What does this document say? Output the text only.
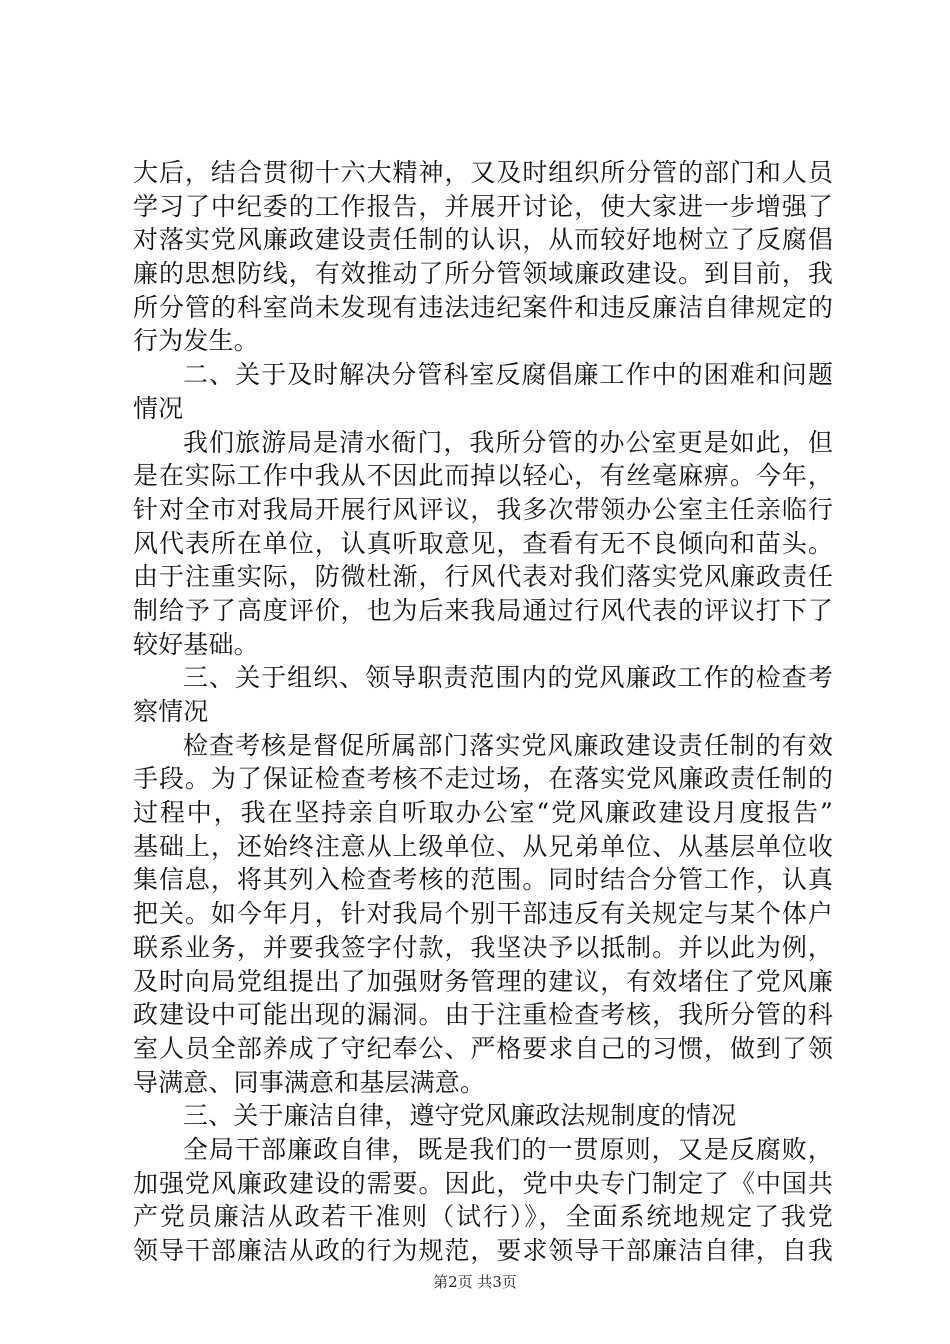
大后，结合贯彻十六大精神，又及时组织所分管的部门和人员
学习了中纪委的工作报告，并展开讨论，使大家进一步增强了
对落实党风廉政建设责任制的认识，从而较好地树立了反腐倡
廉的思想防线，有效推动了所分管领域廉政建设。到目前，我
所分管的科室尚未发现有违法违纪案件和违反廉洁自律规定的
行为发生。
二、关于及时解决分管科室反腐倡廉工作中的困难和问题
情况
我们旅游局是清水衙门，我所分管的办公室更是如此，但
是在实际工作中我从不因此而掉以轻心，有丝毫麻痹。今年，
针对全市对我局开展行风评议，我多次带领办公室主任亲临行
风代表所在单位，认真听取意见，查看有无不良倾向和苗头。
由于注重实际，防微杜渐，行风代表对我们落实党风廉政责任
制给予了高度评价，也为后来我局通过行风代表的评议打下了
较好基础。
三、关于组织、领导职责范围内的党风廉政工作的检查考
察情况
检查考核是督促所属部门落实党风廉政建设责任制的有效
手段。为了保证检查考核不走过场，在落实党风廉政责任制的
过程中，我在坚持亲自听取办公室“党风廉政建设月度报告”
基础上，还始终注意从上级单位、从兄弟单位、从基层单位收
集信息，将其列入检查考核的范围。同时结合分管工作，认真
把关。如今年月，针对我局个别干部违反有关规定与某个体户
联系业务，并要我签字付款，我坚决予以抵制。并以此为例，
及时向局党组提出了加强财务管理的建议，有效堵住了党风廉
政建设中可能出现的漏洞。由于注重检查考核，我所分管的科
室人员全部养成了守纪奉公、严格要求自己的习惯，做到了领
导满意、同事满意和基层满意。
三、关于廉洁自律，遵守党风廉政法规制度的情况
全局干部廉政自律，既是我们的一贯原则，又是反腐败，
加强党风廉政建设的需要。因此，党中央专门制定了《中国共
产党员廉洁从政若干准则（试行）》，全面系统地规定了我党
领导干部廉洁从政的行为规范，要求领导干部廉洁自律，自我
第2页 共3页
